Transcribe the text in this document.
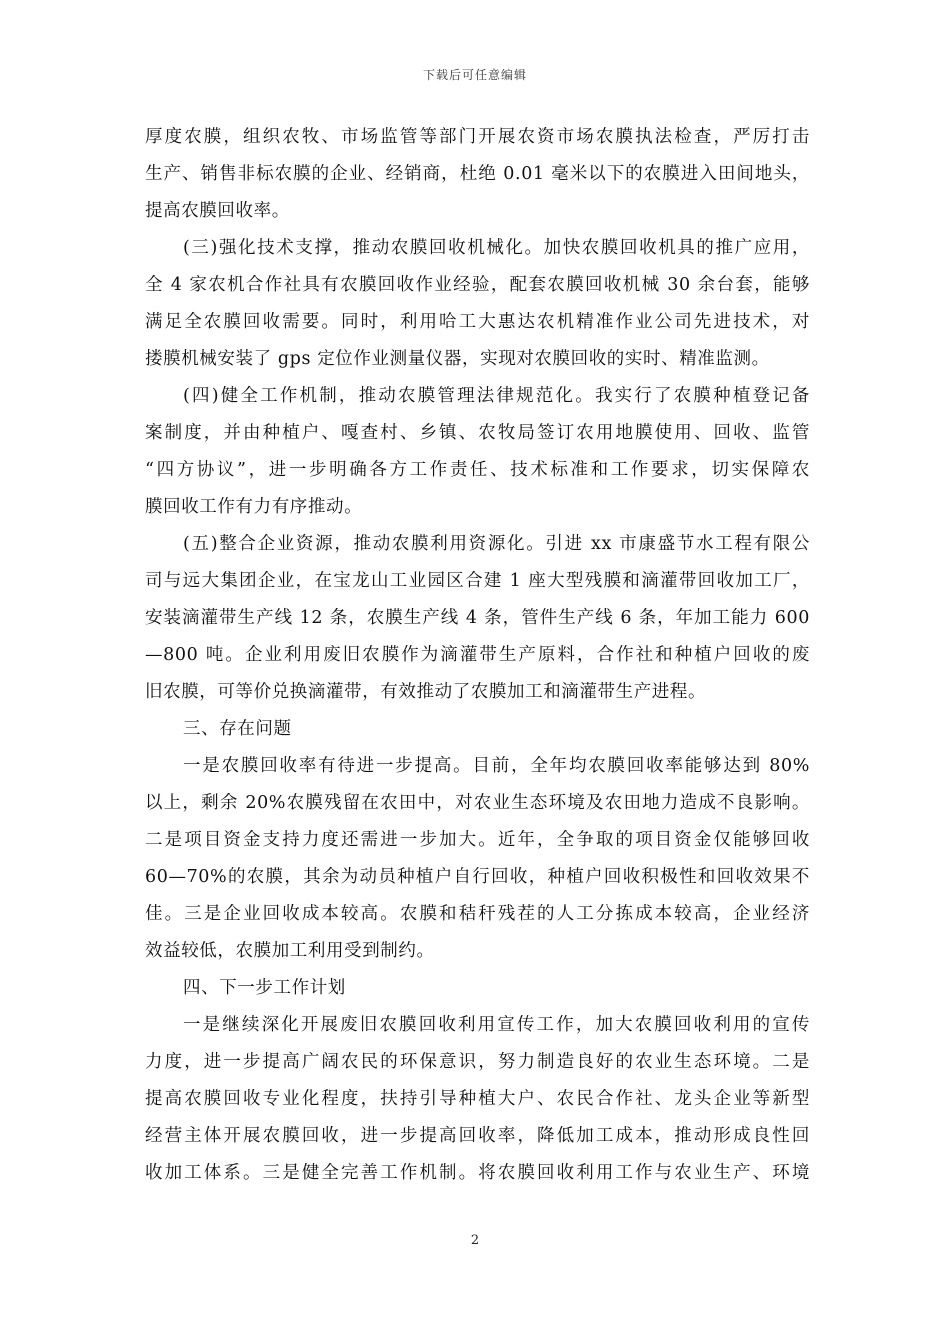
下载后可任意编辑
厚度农膜，组织农牧、市场监管等部门开展农资市场农膜执法检查，严厉打击
生产、销售非标农膜的企业、经销商，杜绝 0.01 毫米以下的农膜进入田间地头，
提高农膜回收率。
(三)强化技术支撑，推动农膜回收机械化。加快农膜回收机具的推广应用，
全 4 家农机合作社具有农膜回收作业经验，配套农膜回收机械 30 余台套，能够
满足全农膜回收需要。同时，利用哈工大惠达农机精准作业公司先进技术，对
搂膜机械安装了 gps 定位作业测量仪器，实现对农膜回收的实时、精准监测。
(四)健全工作机制，推动农膜管理法律规范化。我实行了农膜种植登记备
案制度，并由种植户、嘎查村、乡镇、农牧局签订农用地膜使用、回收、监管
“四方协议”，进一步明确各方工作责任、技术标准和工作要求，切实保障农
膜回收工作有力有序推动。
(五)整合企业资源，推动农膜利用资源化。引进 xx 市康盛节水工程有限公
司与远大集团企业，在宝龙山工业园区合建 1 座大型残膜和滴灌带回收加工厂，
安装滴灌带生产线 12 条，农膜生产线 4 条，管件生产线 6 条，年加工能力 600
—800 吨。企业利用废旧农膜作为滴灌带生产原料，合作社和种植户回收的废
旧农膜，可等价兑换滴灌带，有效推动了农膜加工和滴灌带生产进程。
三、存在问题
一是农膜回收率有待进一步提高。目前，全年均农膜回收率能够达到 80%
以上，剩余 20%农膜残留在农田中，对农业生态环境及农田地力造成不良影响。
二是项目资金支持力度还需进一步加大。近年，全争取的项目资金仅能够回收
60—70%的农膜，其余为动员种植户自行回收，种植户回收积极性和回收效果不
佳。三是企业回收成本较高。农膜和秸秆残茬的人工分拣成本较高，企业经济
效益较低，农膜加工利用受到制约。
四、下一步工作计划
一是继续深化开展废旧农膜回收利用宣传工作，加大农膜回收利用的宣传
力度，进一步提高广阔农民的环保意识，努力制造良好的农业生态环境。二是
提高农膜回收专业化程度，扶持引导种植大户、农民合作社、龙头企业等新型
经营主体开展农膜回收，进一步提高回收率，降低加工成本，推动形成良性回
收加工体系。三是健全完善工作机制。将农膜回收利用工作与农业生产、环境
2
